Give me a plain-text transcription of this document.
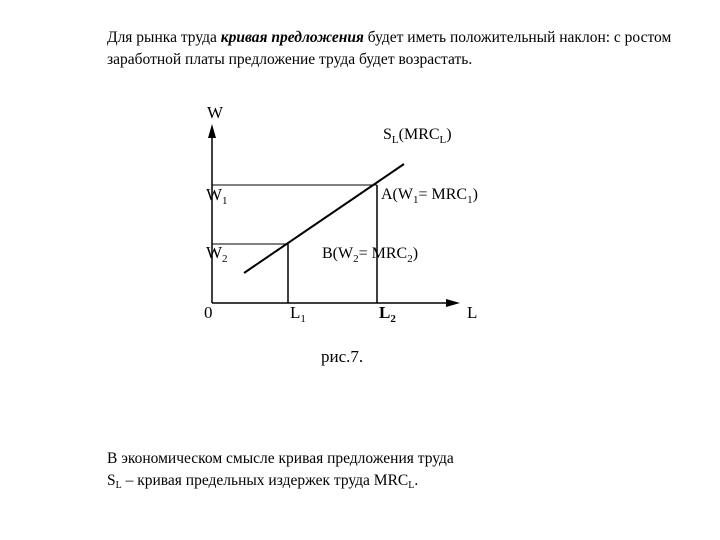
Для рынка труда кривая предложения будет иметь положительный наклон: с ростом заработной платы предложение труда будет возрастать.
W
L
0
$S_L(MRC_L)$
$W_1$
$W_2$
$A(W_1= MRC_1)$
$B(W_2= MRC_2)$
$L_1$	$L_2$
рис.7.
В экономическом смысле кривая предложения труда
$S_L$ – кривая предельных издержек труда $MRC_L$.
